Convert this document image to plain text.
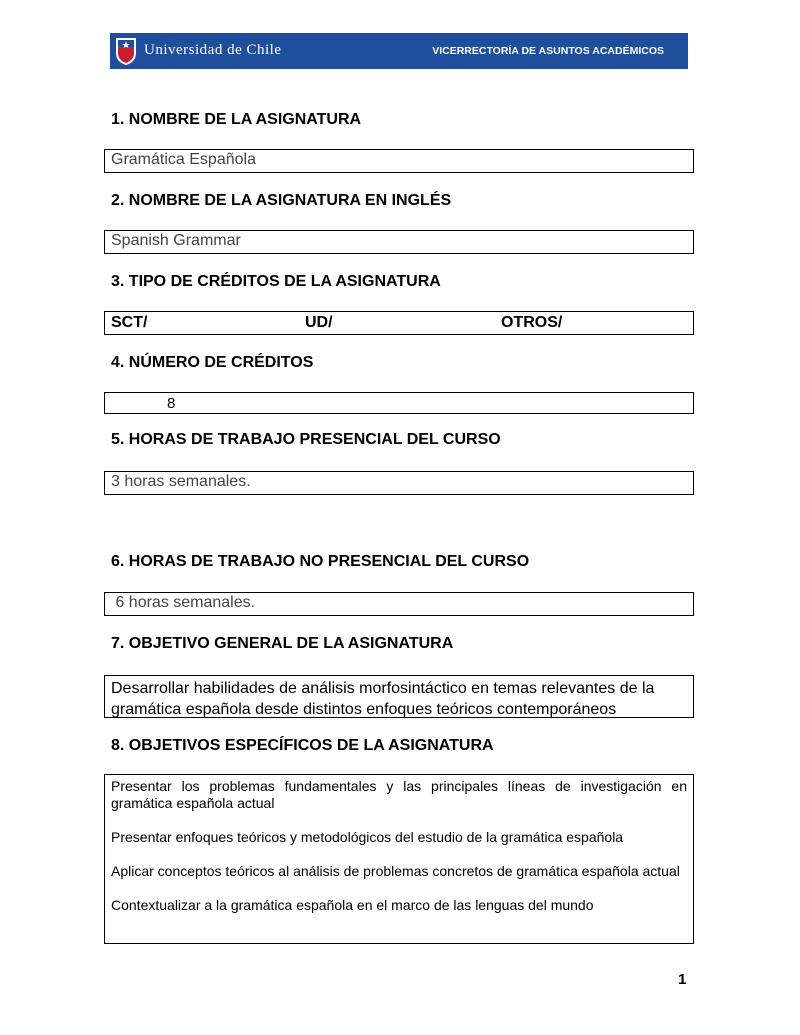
Universidad de Chile	VICERRECTORÍA DE ASUNTOS ACADÉMICOS
1. NOMBRE DE LA ASIGNATURA
Gramática Española
2. NOMBRE DE LA ASIGNATURA EN INGLÉS
Spanish Grammar
3. TIPO DE CRÉDITOS DE LA ASIGNATURA
SCT/	UD/	OTROS/
4. NÚMERO DE CRÉDITOS
8
5. HORAS DE TRABAJO PRESENCIAL DEL CURSO
3 horas semanales.
6. HORAS DE TRABAJO NO PRESENCIAL DEL CURSO
6 horas semanales.
7. OBJETIVO GENERAL DE LA ASIGNATURA
Desarrollar habilidades de análisis morfosintáctico en temas relevantes de la gramática española desde distintos enfoques teóricos contemporáneos
8. OBJETIVOS ESPECÍFICOS DE LA ASIGNATURA

Presentar los problemas fundamentales y las principales líneas de investigación en gramática española actual

Presentar enfoques teóricos y metodológicos del estudio de la gramática española

Aplicar conceptos teóricos al análisis de problemas concretos de gramática española actual

Contextualizar a la gramática española en el marco de las lenguas del mundo

1
